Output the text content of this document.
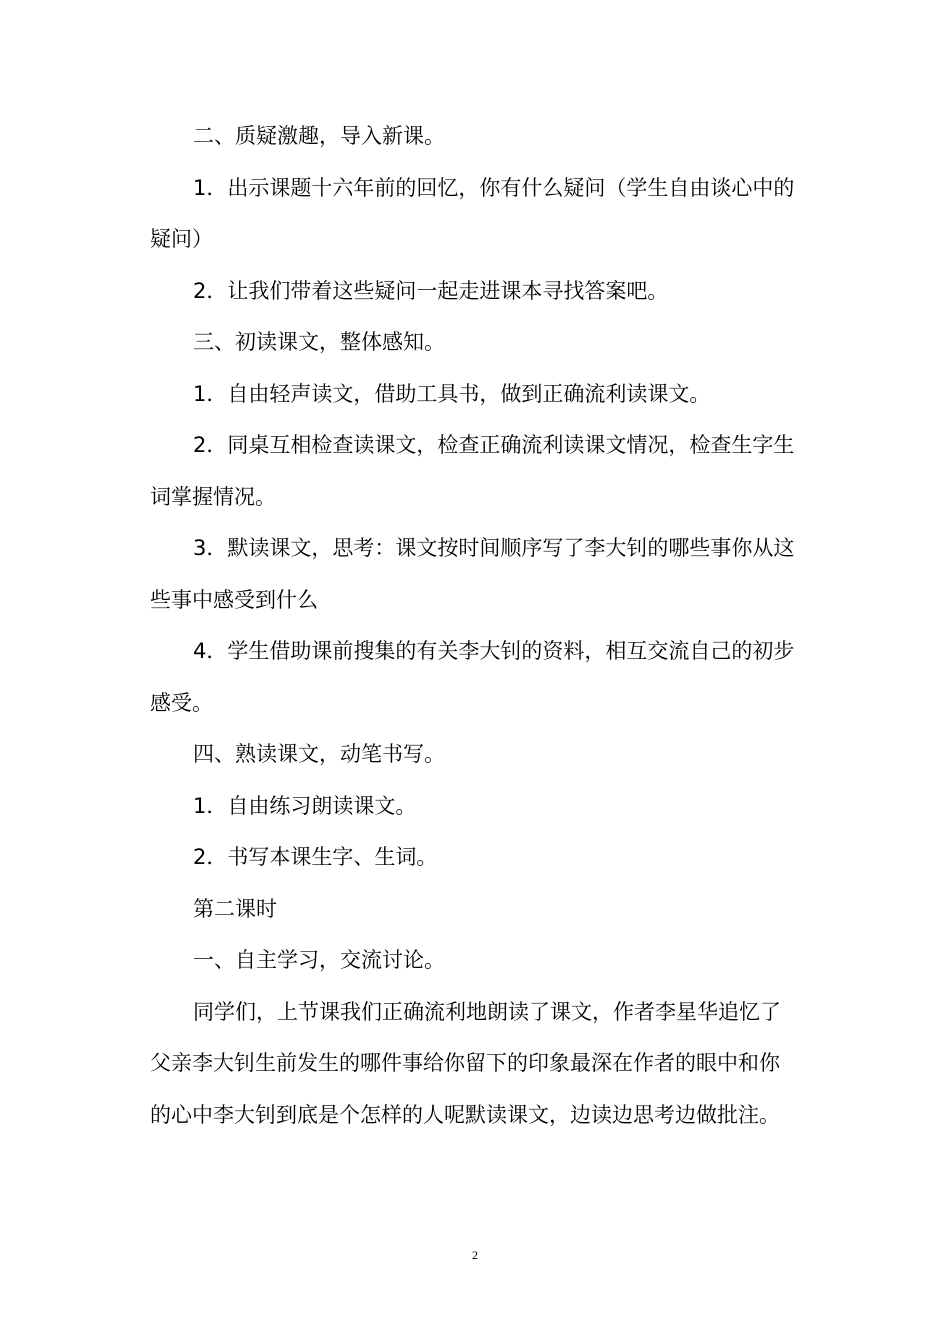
二、质疑激趣，导入新课。

1．出示课题十六年前的回忆，你有什么疑问（学生自由谈心中的疑问）

2．让我们带着这些疑问一起走进课本寻找答案吧。

三、初读课文，整体感知。

1．自由轻声读文，借助工具书，做到正确流利读课文。

2．同桌互相检查读课文，检查正确流利读课文情况，检查生字生词掌握情况。

3．默读课文，思考：课文按时间顺序写了李大钊的哪些事你从这些事中感受到什么

4．学生借助课前搜集的有关李大钊的资料，相互交流自己的初步感受。

四、熟读课文，动笔书写。

1．自由练习朗读课文。

2．书写本课生字、生词。

第二课时

一、自主学习，交流讨论。

同学们，上节课我们正确流利地朗读了课文，作者李星华追忆了父亲李大钊生前发生的哪件事给你留下的印象最深在作者的眼中和你的心中李大钊到底是个怎样的人呢默读课文，边读边思考边做批注。

2
